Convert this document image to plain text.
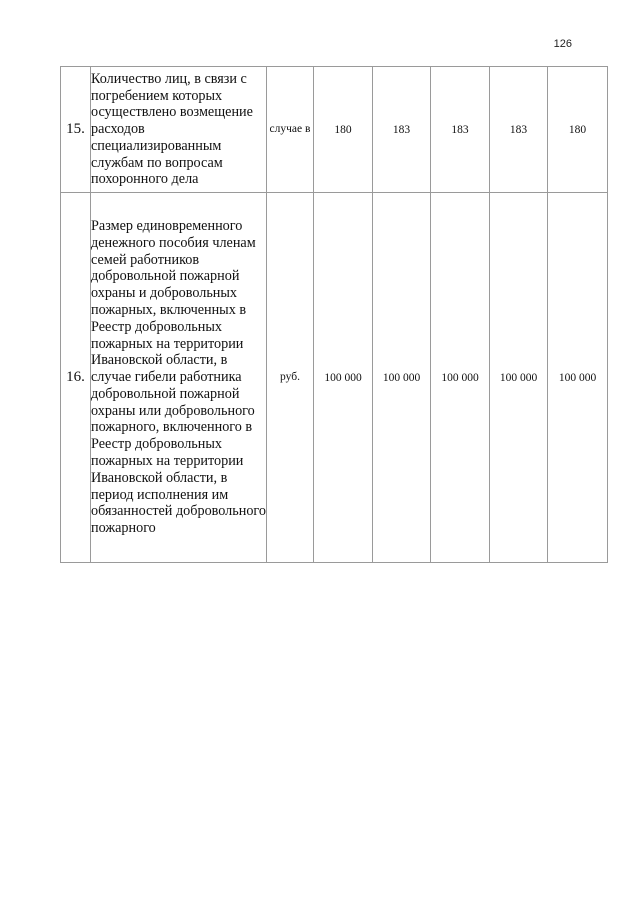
126
15.	Количество лиц, в связи с погребением которых осуществлено возмещение расходов специализированным службам по вопросам похоронного дела	случае в	180	183	183	183	180
16.	Размер единовременного денежного пособия членам семей работников добровольной пожарной охраны и добровольных пожарных, включенных в Реестр добровольных пожарных на территории Ивановской области, в случае гибели работника добровольной пожарной охраны или добровольного пожарного, включенного в Реестр добровольных пожарных на территории Ивановской области, в период исполнения им обязанностей добровольного пожарного	руб.	100 000	100 000	100 000	100 000	100 000
